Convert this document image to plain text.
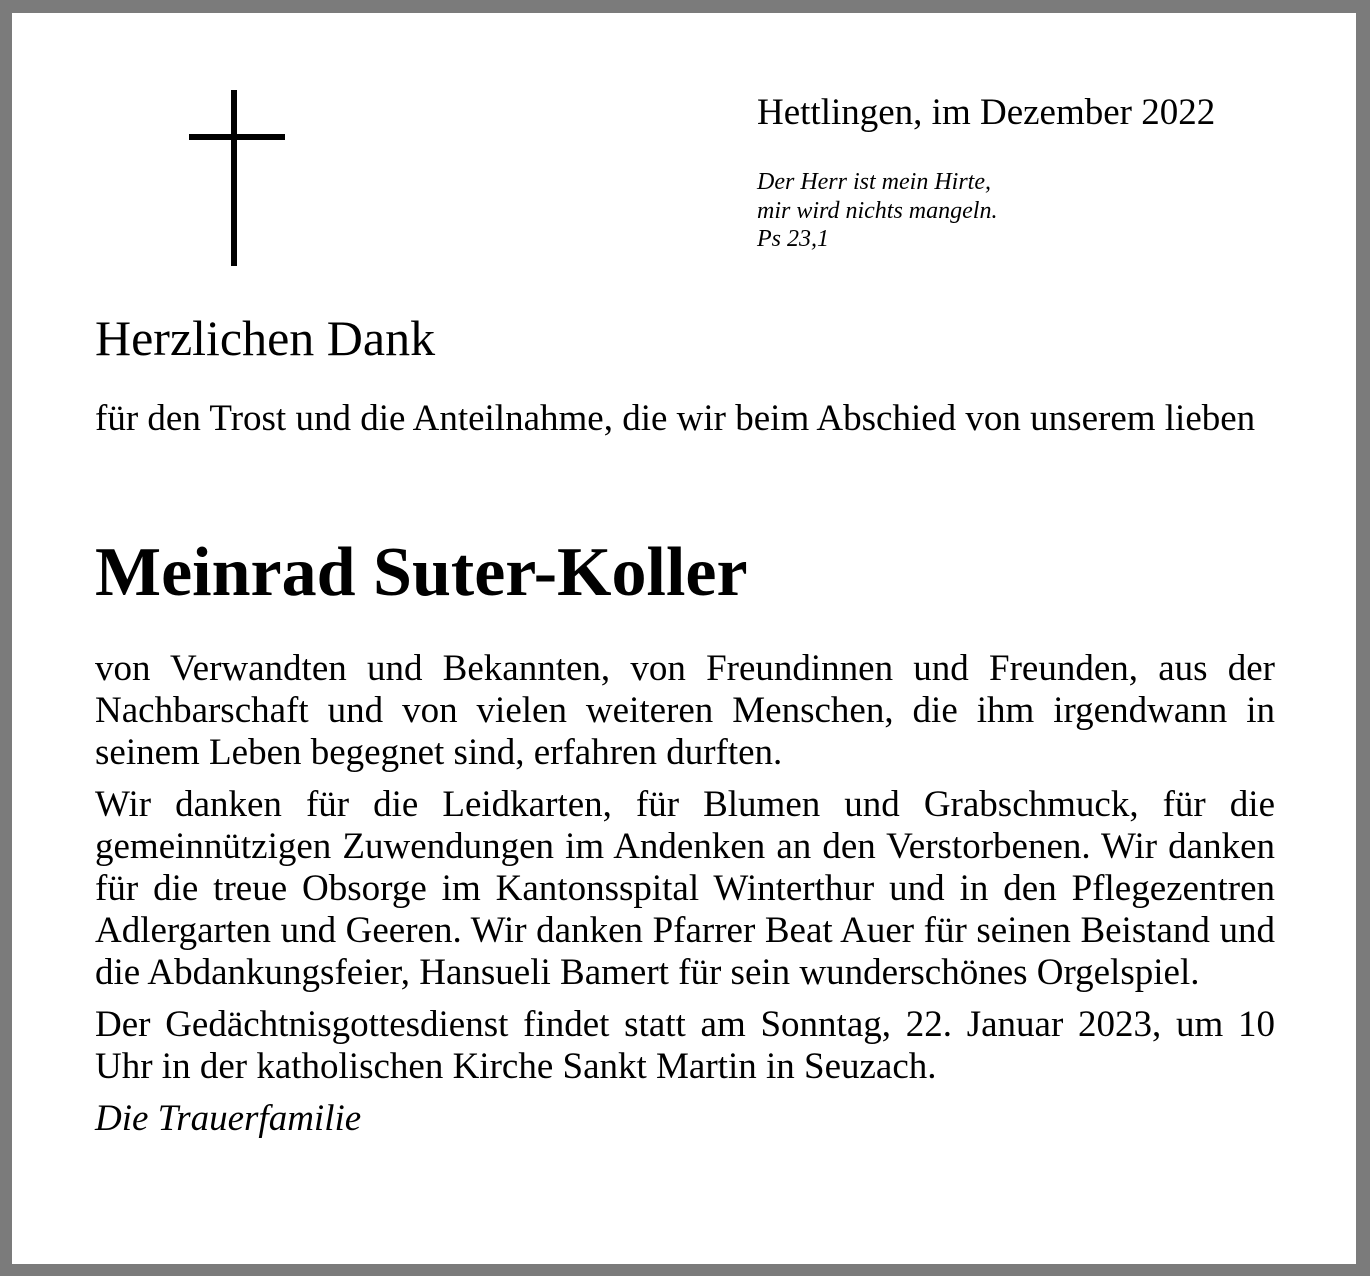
Hettlingen, im Dezember 2022
Der Herr ist mein Hirte,
mir wird nichts mangeln.
Ps 23,1
Herzlichen Dank
für den Trost und die Anteilnahme, die wir beim Abschied von unserem lieben
Meinrad Suter-Koller

von Verwandten und Bekannten, von Freundinnen und Freunden, aus der Nachbarschaft und von vielen weiteren Menschen, die ihm irgendwann in seinem Leben begegnet sind, erfahren durften.

Wir danken für die Leidkarten, für Blumen und Grabschmuck, für die gemeinnützigen Zuwendungen im Andenken an den Verstorbenen. Wir danken für die treue Obsorge im Kantonsspital Winterthur und in den Pflegezentren Adlergarten und Geeren. Wir danken Pfarrer Beat Auer für seinen Beistand und die Abdankungsfeier, Hansueli Bamert für sein wunderschönes Orgelspiel.

Der Gedächtnisgottesdienst findet statt am Sonntag, 22. Januar 2023, um 10 Uhr in der katholischen Kirche Sankt Martin in Seuzach.

Die Trauerfamilie
